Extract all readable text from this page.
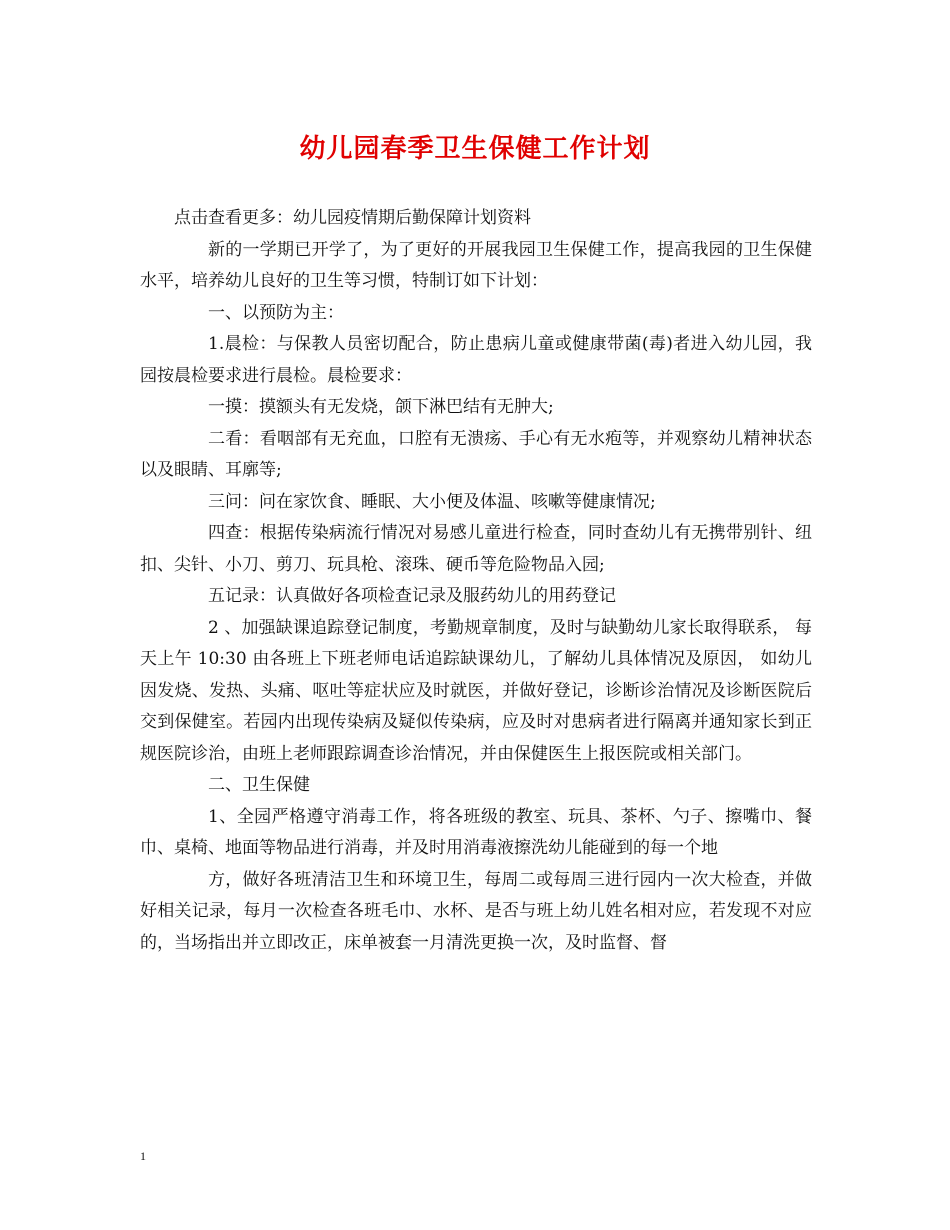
幼儿园春季卫生保健工作计划

点击查看更多：幼儿园疫情期后勤保障计划资料

新的一学期已开学了，为了更好的开展我园卫生保健工作，提高我园的卫生保健水平，培养幼儿良好的卫生等习惯，特制订如下计划：

一、以预防为主：

1.晨检：与保教人员密切配合，防止患病儿童或健康带菌(毒)者进入幼儿园，我园按晨检要求进行晨检。晨检要求：

一摸：摸额头有无发烧，颌下淋巴结有无肿大;

二看：看咽部有无充血，口腔有无溃疡、手心有无水疱等，并观察幼儿精神状态以及眼睛、耳廓等;

三问：问在家饮食、睡眠、大小便及体温、咳嗽等健康情况;

四查：根据传染病流行情况对易感儿童进行检查，同时查幼儿有无携带别针、纽扣、尖针、小刀、剪刀、玩具枪、滚珠、硬币等危险物品入园;

五记录：认真做好各项检查记录及服药幼儿的用药登记

2 、加强缺课追踪登记制度，考勤规章制度，及时与缺勤幼儿家长取得联系， 每天上午 10:30 由各班上下班老师电话追踪缺课幼儿，了解幼儿具体情况及原因， 如幼儿因发烧、发热、头痛、呕吐等症状应及时就医，并做好登记，诊断诊治情况及诊断医院后交到保健室。若园内出现传染病及疑似传染病，应及时对患病者进行隔离并通知家长到正规医院诊治，由班上老师跟踪调查诊治情况，并由保健医生上报医院或相关部门。

二、卫生保健

1、全园严格遵守消毒工作，将各班级的教室、玩具、茶杯、勺子、擦嘴巾、餐巾、桌椅、地面等物品进行消毒，并及时用消毒液擦洗幼儿能碰到的每一个地

方，做好各班清洁卫生和环境卫生，每周二或每周三进行园内一次大检查，并做好相关记录，每月一次检查各班毛巾、水杯、是否与班上幼儿姓名相对应，若发现不对应的，当场指出并立即改正，床单被套一月清洗更换一次，及时监督、督

1
